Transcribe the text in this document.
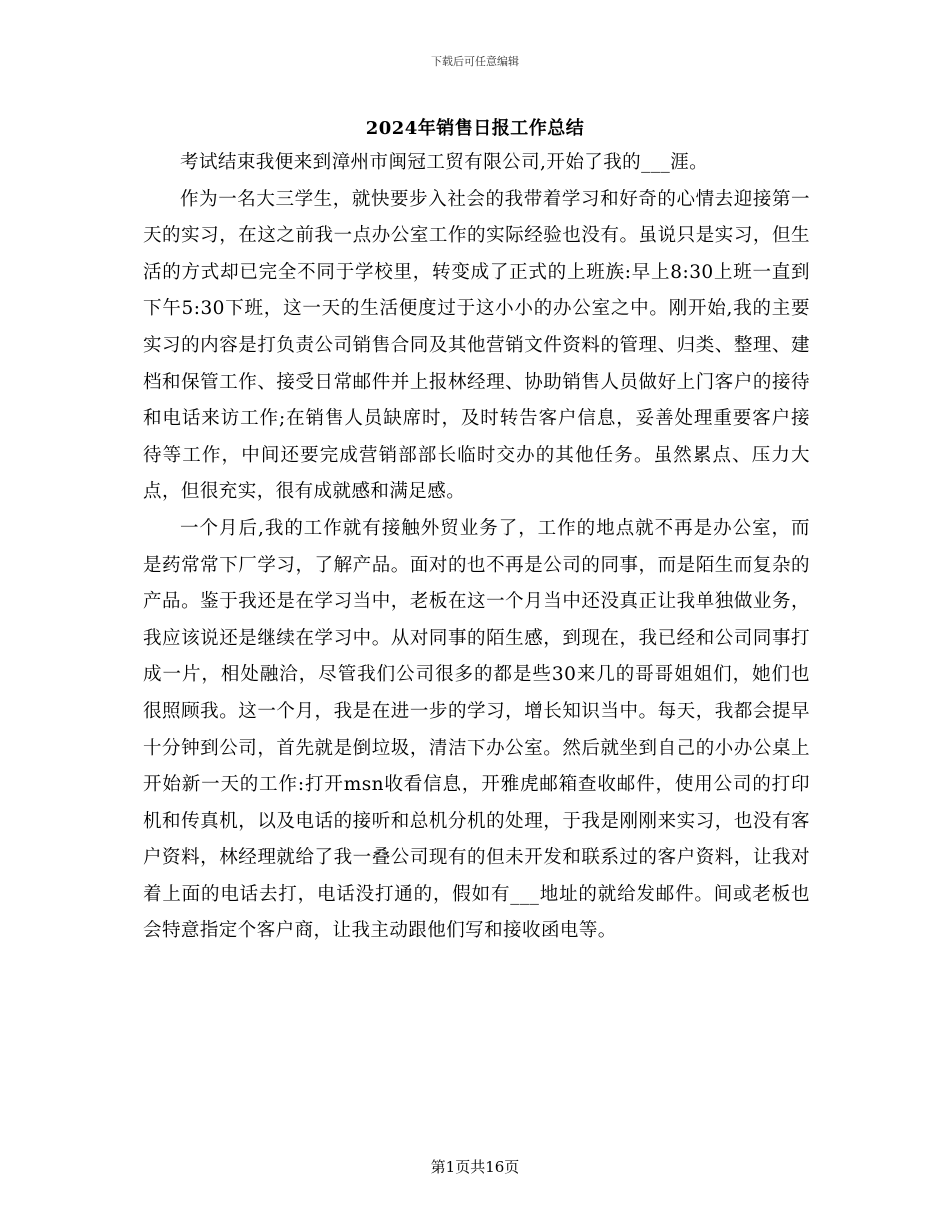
下载后可任意编辑
2024年销售日报工作总结

考试结束我便来到漳州市闽冠工贸有限公司,开始了我的___涯。

作为一名大三学生，就快要步入社会的我带着学习和好奇的心情去迎接第一天的实习，在这之前我一点办公室工作的实际经验也没有。虽说只是实习，但生活的方式却已完全不同于学校里，转变成了正式的上班族:早上8:30上班一直到下午5:30下班，这一天的生活便度过于这小小的办公室之中。刚开始,我的主要实习的内容是打负责公司销售合同及其他营销文件资料的管理、归类、整理、建档和保管工作、接受日常邮件并上报林经理、协助销售人员做好上门客户的接待和电话来访工作;在销售人员缺席时，及时转告客户信息，妥善处理重要客户接待等工作，中间还要完成营销部部长临时交办的其他任务。虽然累点、压力大点，但很充实，很有成就感和满足感。

一个月后,我的工作就有接触外贸业务了，工作的地点就不再是办公室，而是药常常下厂学习，了解产品。面对的也不再是公司的同事，而是陌生而复杂的产品。鉴于我还是在学习当中，老板在这一个月当中还没真正让我单独做业务，我应该说还是继续在学习中。从对同事的陌生感，到现在，我已经和公司同事打成一片，相处融洽，尽管我们公司很多的都是些30来几的哥哥姐姐们，她们也很照顾我。这一个月，我是在进一步的学习，增长知识当中。每天，我都会提早十分钟到公司，首先就是倒垃圾，清洁下办公室。然后就坐到自己的小办公桌上开始新一天的工作:打开msn收看信息，开雅虎邮箱查收邮件，使用公司的打印机和传真机，以及电话的接听和总机分机的处理，于我是刚刚来实习，也没有客户资料，林经理就给了我一叠公司现有的但未开发和联系过的客户资料，让我对着上面的电话去打，电话没打通的，假如有___地址的就给发邮件。间或老板也会特意指定个客户商，让我主动跟他们写和接收函电等。

第1页共16页
